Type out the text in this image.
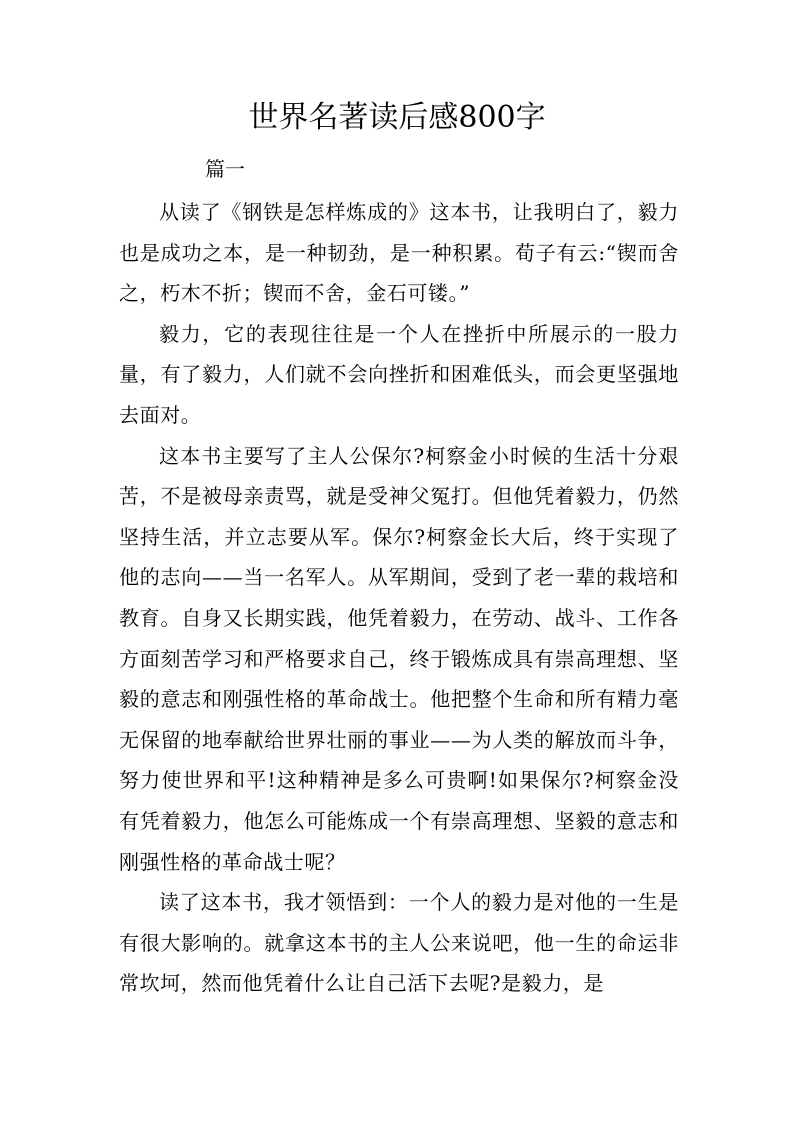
世界名著读后感800字
篇一

从读了《钢铁是怎样炼成的》这本书，让我明白了，毅力也是成功之本，是一种韧劲，是一种积累。荀子有云:“锲而舍之，朽木不折；锲而不舍，金石可镂。”

毅力，它的表现往往是一个人在挫折中所展示的一股力量，有了毅力，人们就不会向挫折和困难低头，而会更坚强地去面对。

这本书主要写了主人公保尔?柯察金小时候的生活十分艰苦，不是被母亲责骂，就是受神父冤打。但他凭着毅力，仍然坚持生活，并立志要从军。保尔?柯察金长大后，终于实现了他的志向——当一名军人。从军期间，受到了老一辈的栽培和教育。自身又长期实践，他凭着毅力，在劳动、战斗、工作各方面刻苦学习和严格要求自己，终于锻炼成具有崇高理想、坚毅的意志和刚强性格的革命战士。他把整个生命和所有精力毫无保留的地奉献给世界壮丽的事业——为人类的解放而斗争，努力使世界和平!这种精神是多么可贵啊!如果保尔?柯察金没有凭着毅力，他怎么可能炼成一个有崇高理想、坚毅的意志和刚强性格的革命战士呢？

读了这本书，我才领悟到：一个人的毅力是对他的一生是有很大影响的。就拿这本书的主人公来说吧，他一生的命运非常坎坷，然而他凭着什么让自己活下去呢?是毅力，是
